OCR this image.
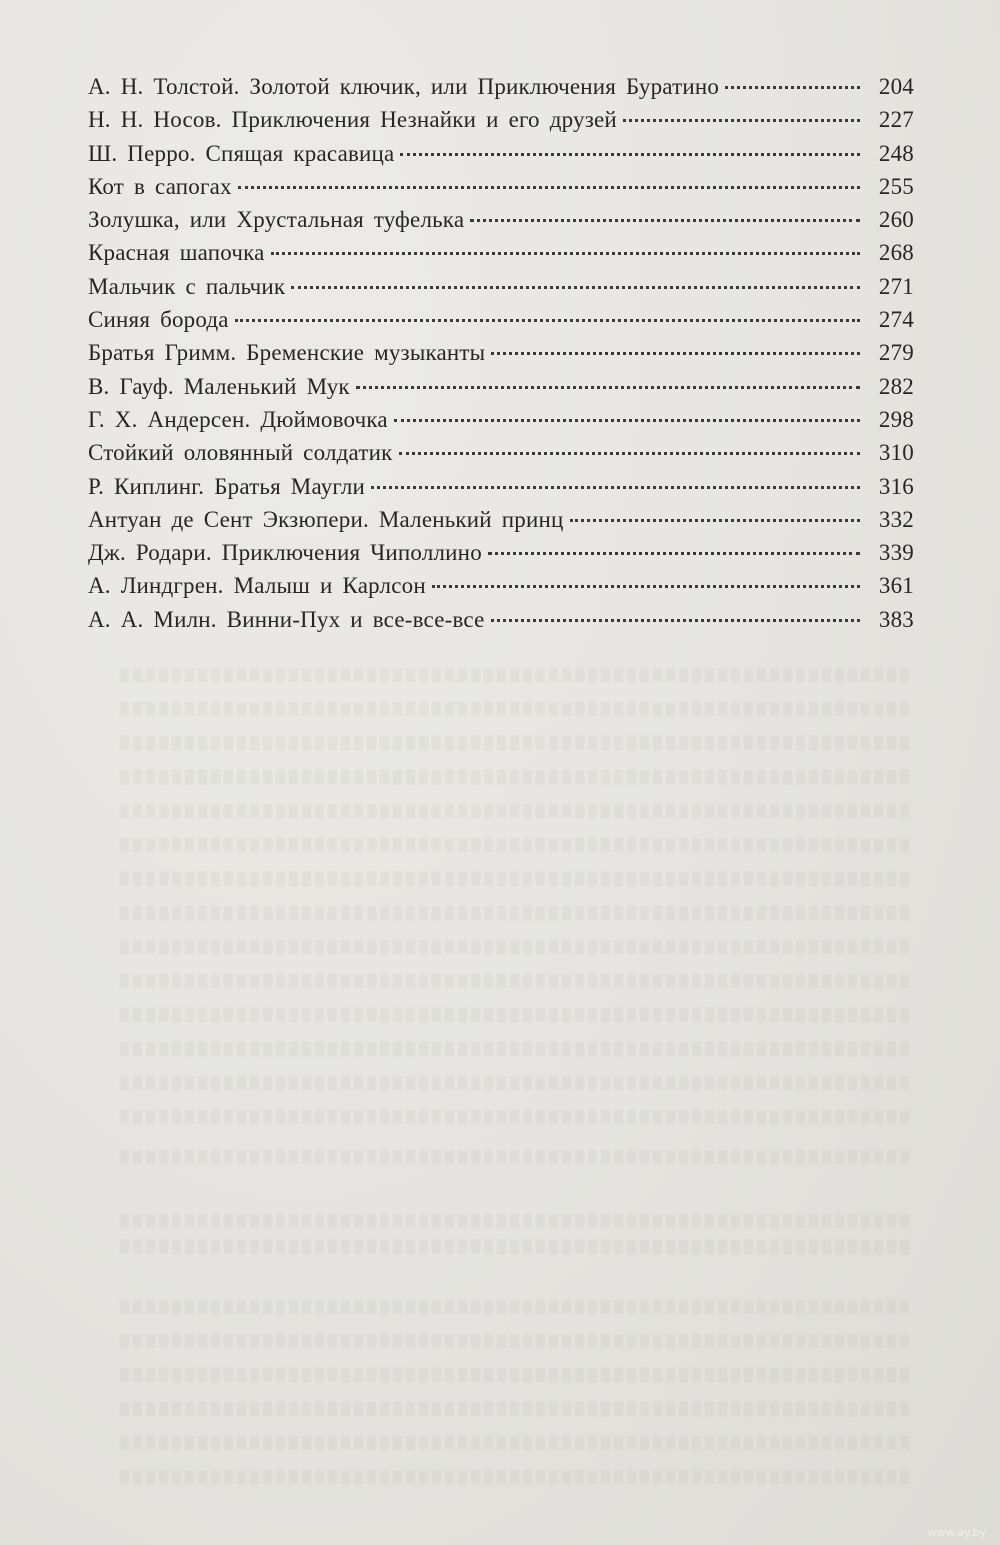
А. Н. Толстой. Золотой ключик, или Приключения Буратино	204
Н. Н. Носов. Приключения Незнайки и его друзей	227
Ш. Перро. Спящая красавица	248
Кот в сапогах	255
Золушка, или Хрустальная туфелька	260
Красная шапочка	268
Мальчик с пальчик	271
Синяя борода	274
Братья Гримм. Бременские музыканты	279
В. Гауф. Маленький Мук	282
Г. Х. Андерсен. Дюймовочка	298
Стойкий оловянный солдатик	310
Р. Киплинг. Братья Маугли	316
Антуан де Сент Экзюпери. Маленький принц	332
Дж. Родари. Приключения Чиполлино	339
А. Линдгрен. Малыш и Карлсон	361
А. А. Милн. Винни-Пух и все-все-все	383
www.ay.by
